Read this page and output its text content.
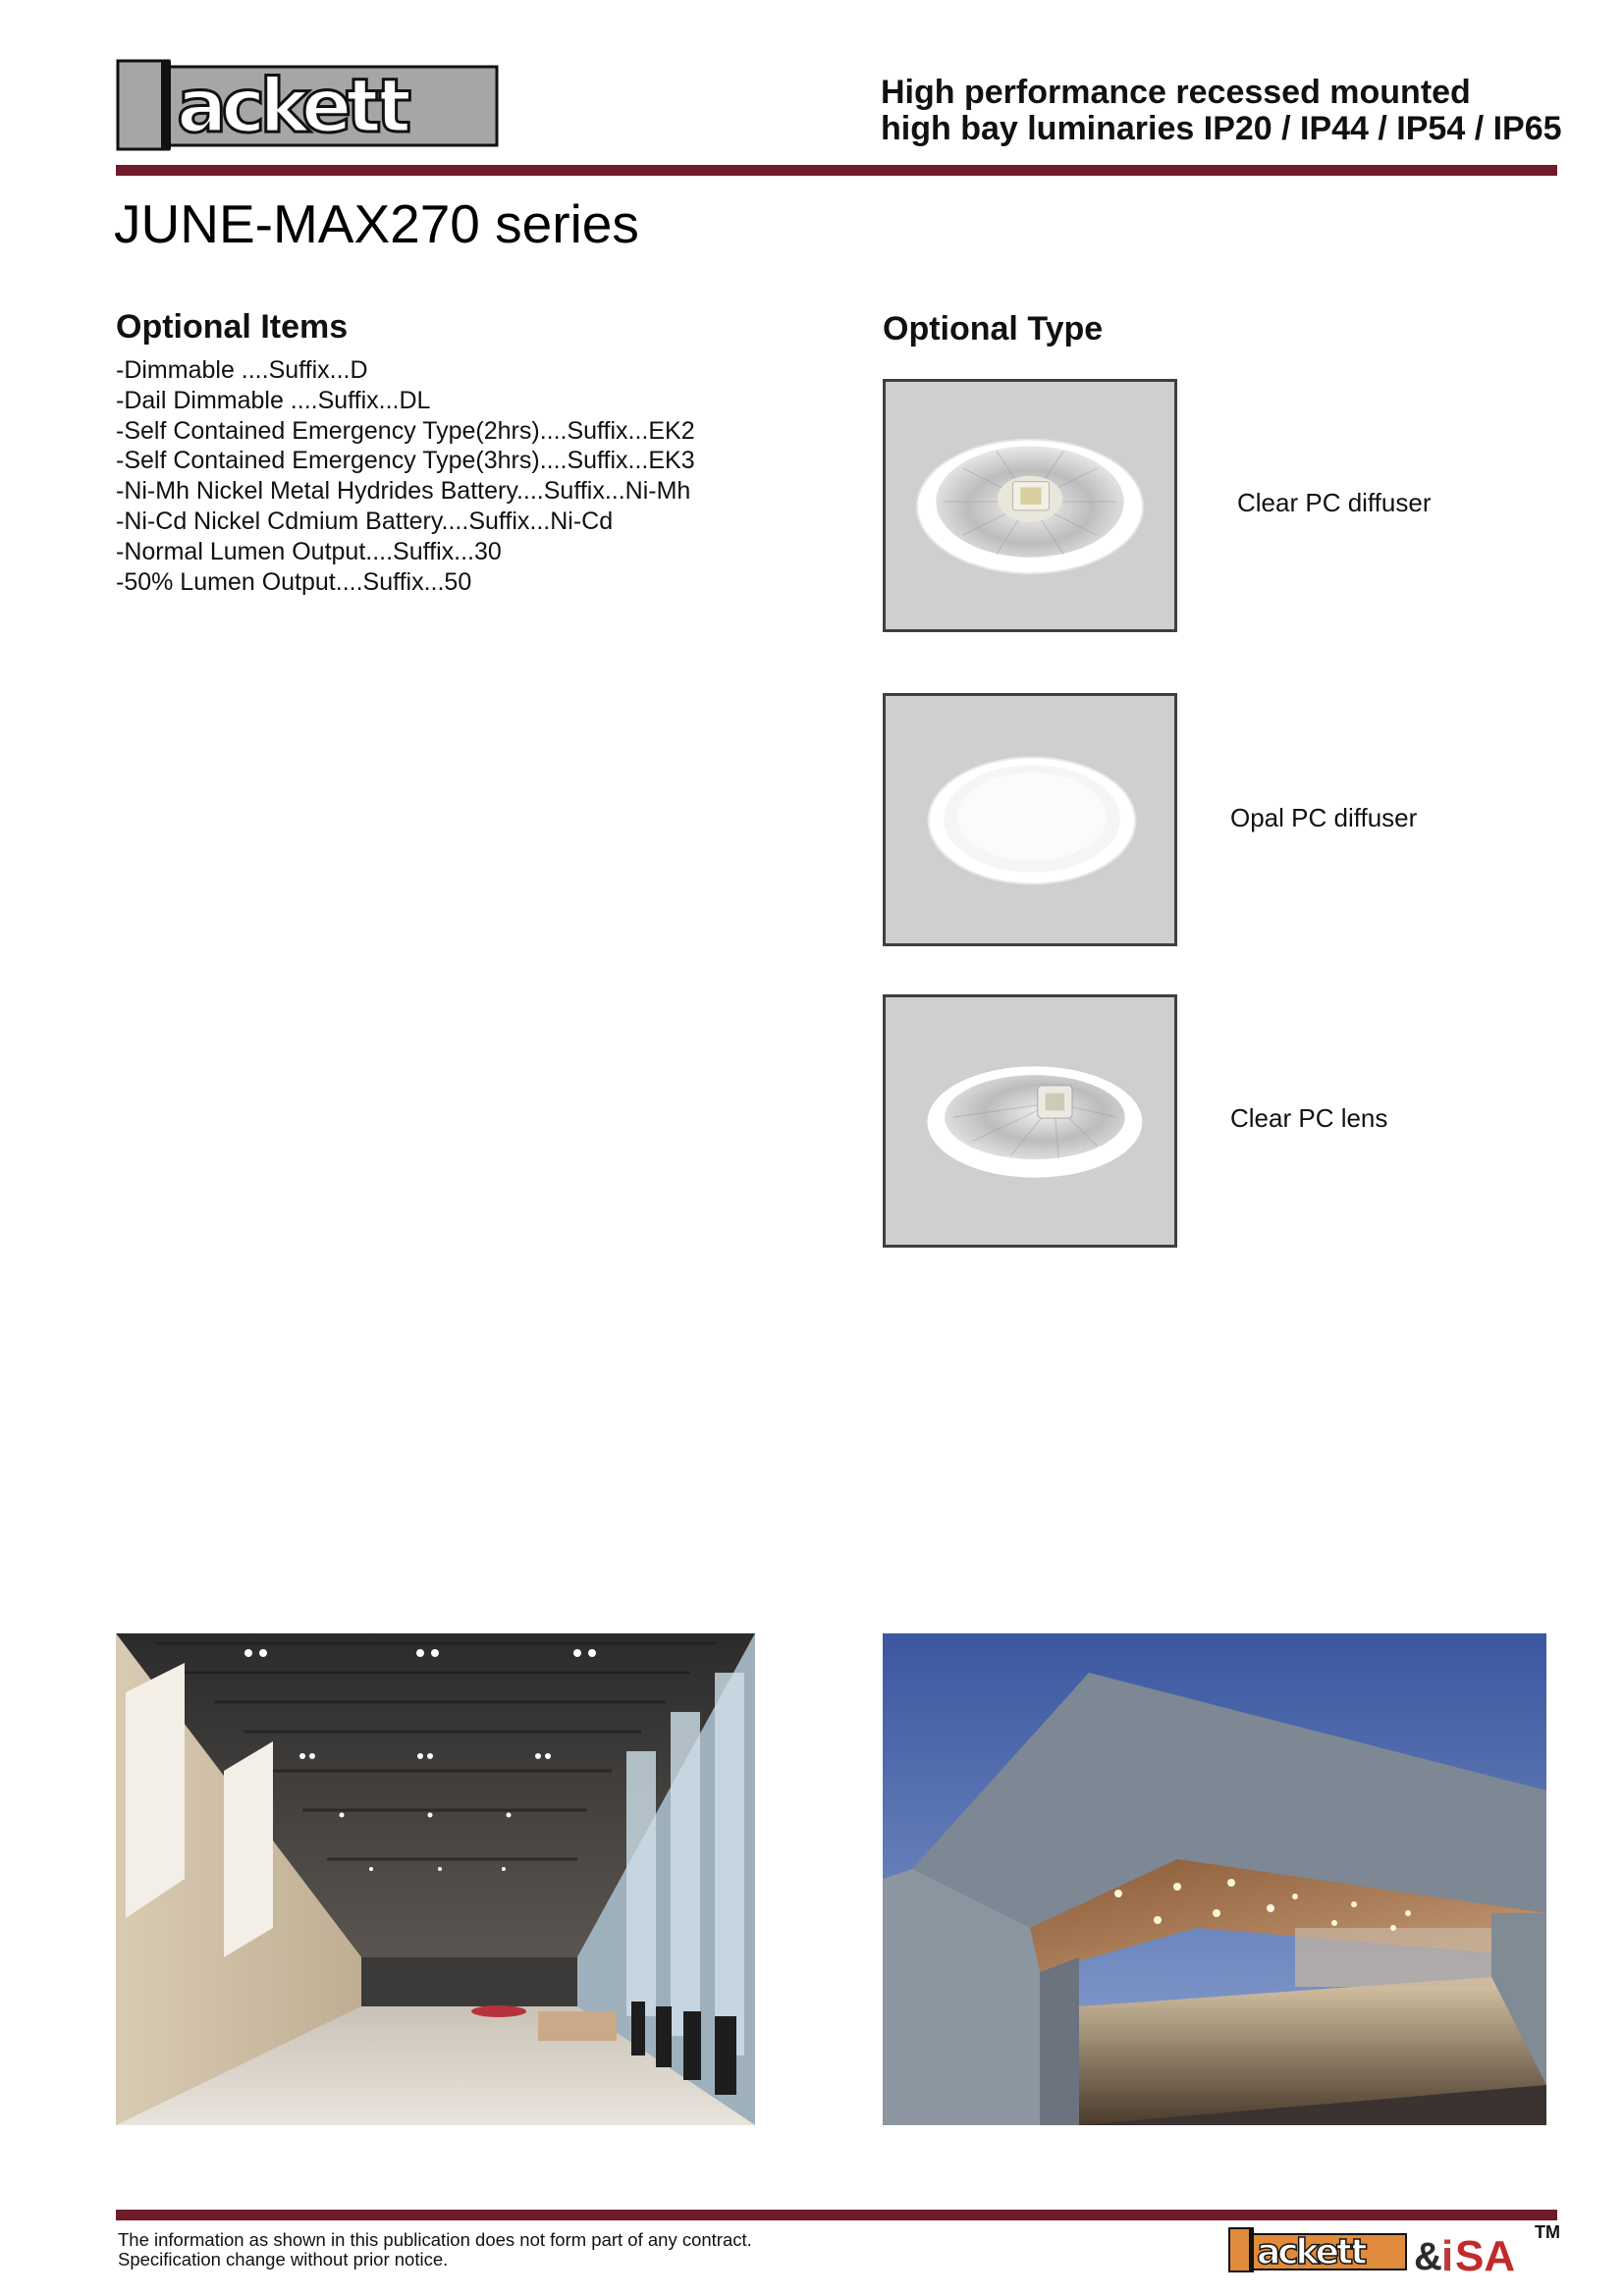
ackett	High performance recessed mounted
high bay luminaries IP20 / IP44 / IP54 / IP65
JUNE-MAX270 series
Optional Items
-Dimmable ....Suffix...D
-Dail Dimmable ....Suffix...DL
-Self Contained Emergency Type(2hrs)....Suffix...EK2
-Self Contained Emergency Type(3hrs)....Suffix...EK3
-Ni-Mh Nickel Metal Hydrides Battery....Suffix...Ni-Mh
-Ni-Cd Nickel Cdmium Battery....Suffix...Ni-Cd
-Normal Lumen Output....Suffix...30
-50% Lumen Output....Suffix...50
Optional Type
Clear PC diffuser
Opal PC diffuser
Clear PC lens
The information as shown in this publication does not form part of any contract.
Specification change without prior notice.	ackett & i SA TM
